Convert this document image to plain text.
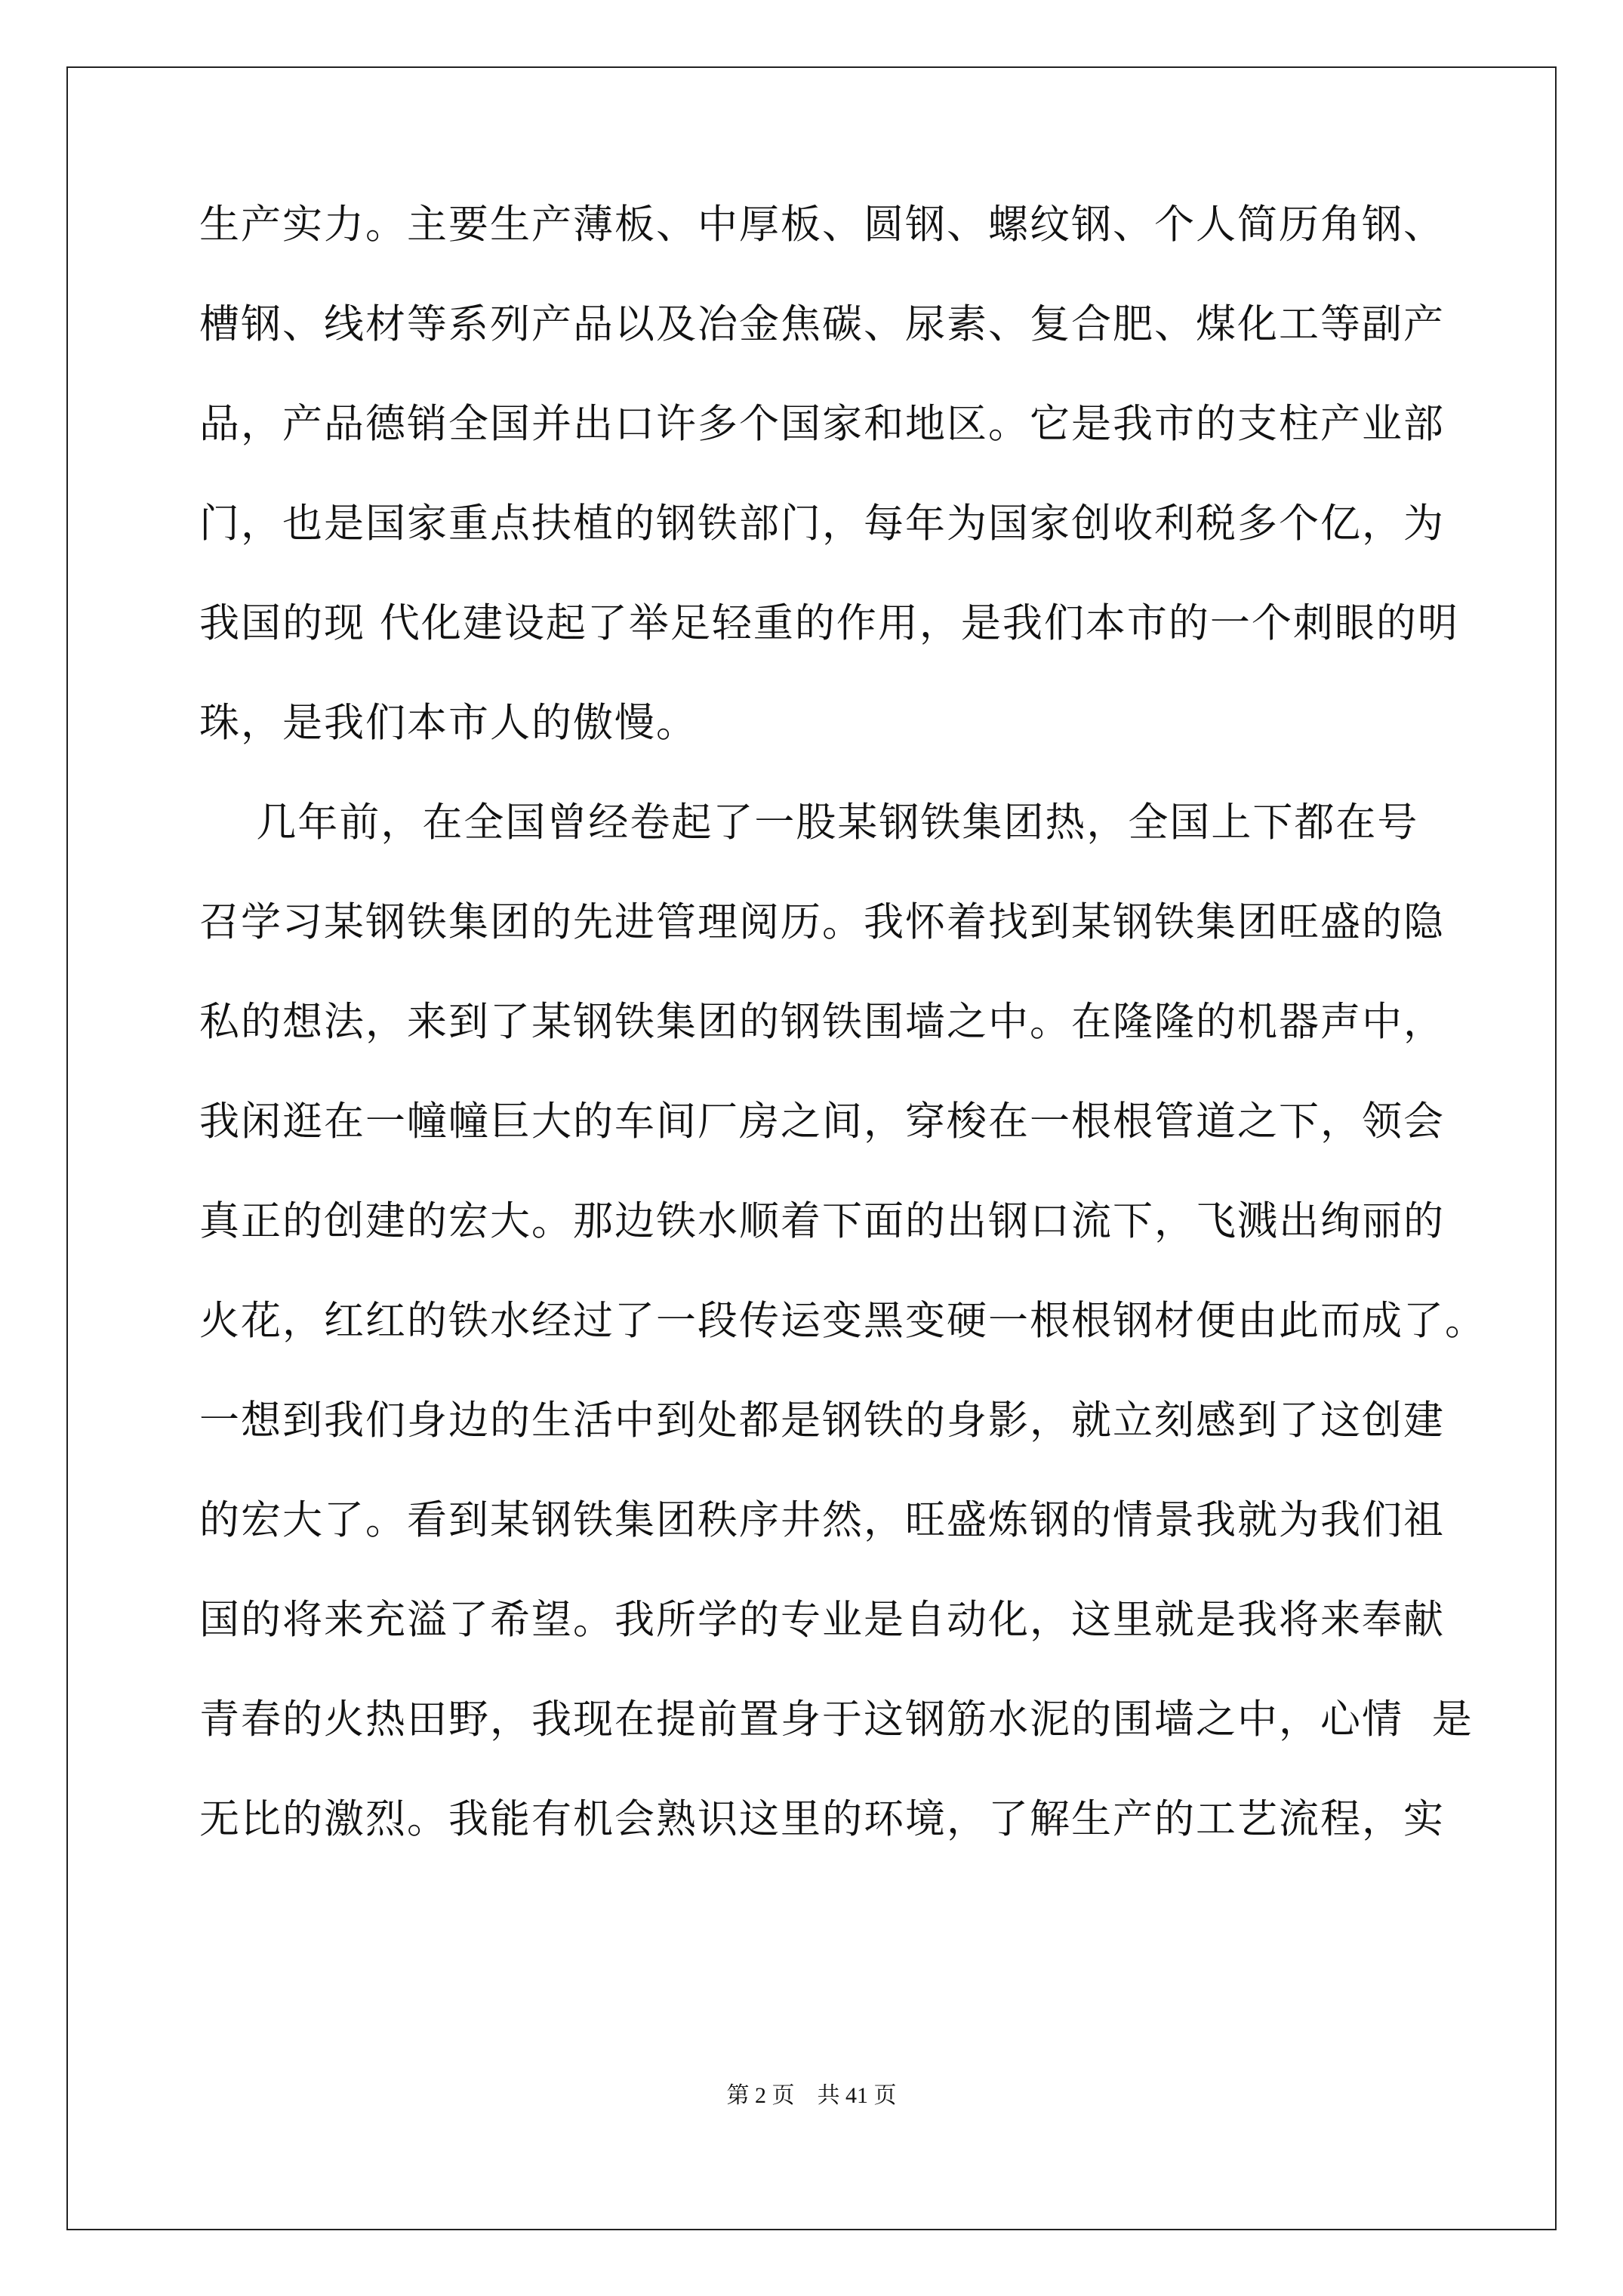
生产实力。主要生产薄板、中厚板、圆钢、螺纹钢、个人简历角钢、
槽钢、线材等系列产品以及冶金焦碳、尿素、复合肥、煤化工等副产
品，产品德销全国并出口许多个国家和地区。它是我市的支柱产业部
门，也是国家重点扶植的钢铁部门，每年为国家创收利税多个亿，为
我国的现 代化建设起了举足轻重的作用，是我们本市的一个刺眼的明
珠，是我们本市人的傲慢。
几年前，在全国曾经卷起了一股某钢铁集团热，全国上下都在号
召学习某钢铁集团的先进管理阅历。我怀着找到某钢铁集团旺盛的隐
私的想法，来到了某钢铁集团的钢铁围墙之中。在隆隆的机器声中，
我闲逛在一幢幢巨大的车间厂房之间，穿梭在一根根管道之下，领会
真正的创建的宏大。那边铁水顺着下面的出钢口流下，飞溅出绚丽的
火花，红红的铁水经过了一段传运变黑变硬一根根钢材便由此而成了。
一想到我们身边的生活中到处都是钢铁的身影，就立刻感到了这创建
的宏大了。看到某钢铁集团秩序井然，旺盛炼钢的情景我就为我们祖
国的将来充溢了希望。我所学的专业是自动化，这里就是我将来奉献
青春的火热田野，我现在提前置身于这钢筋水泥的围墙之中，心情  是
无比的激烈。我能有机会熟识这里的环境，了解生产的工艺流程，实
第 2 页    共 41 页
